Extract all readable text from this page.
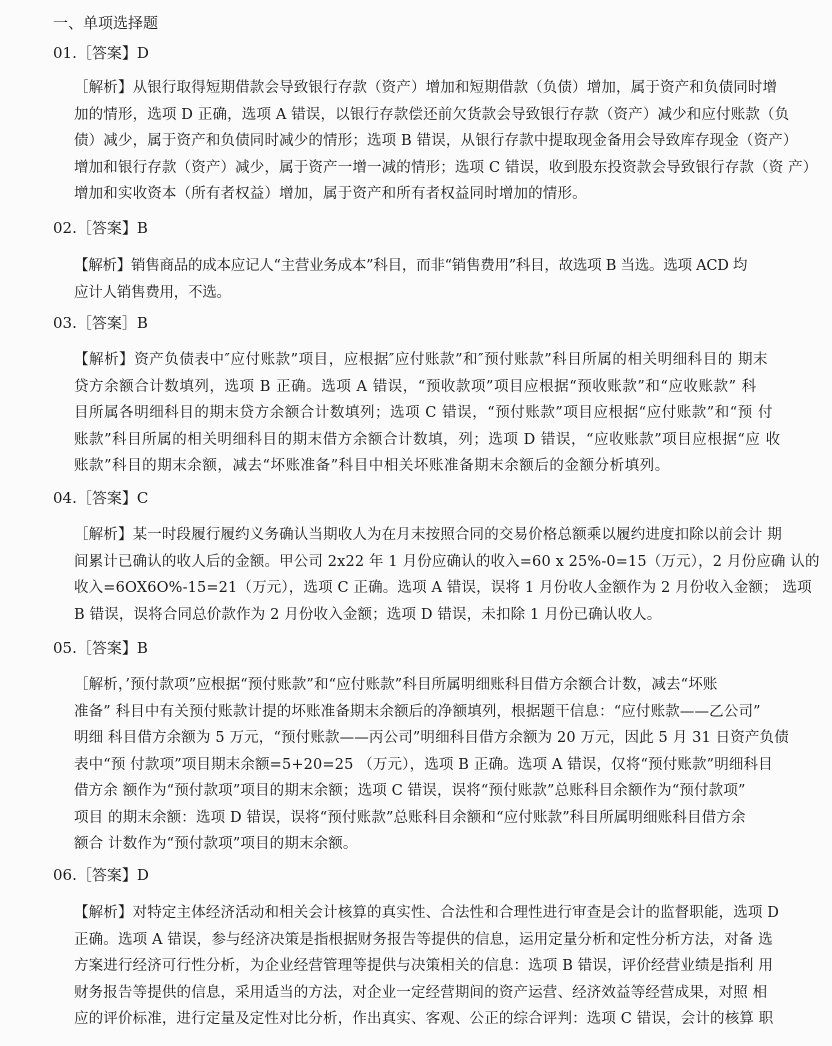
一、单项选择题
01.［答案】D
［解析】从银行取得短期借款会导致银行存款（资产）增加和短期借款（负债）增加，属于资产和负债同时增
加的情形，选项 D 正确，选项 A 错误，以银行存款偿还前欠货款会导致银行存款（资产）减少和应付账款（负
债）减少，属于资产和负债同时减少的情形；选项 B 错误，从银行存款中提取现金备用会导致库存现金（资产）
增加和银行存款（资产）减少，属于资产一增一减的情形；选项 C 错误，收到股东投资款会导致银行存款（资 产）
增加和实收资本（所有者权益）增加，属于资产和所有者权益同时增加的情形。
02.［答案】B
【解析】销售商品的成本应记人“主营业务成本”科目，而非“销售费用”科目，故选项 B 当选。选项 ACD 均
应计人销售费用，不选。
03.［答案］B
【解析】资产负债表中″应付账款”项目，应根据″应付账款”和″预付账款”科目所属的相关明细科目的 期末
贷方余额合计数填列，选项 B 正确。选项 A 错误，“预收款项”项目应根据“预收账款”和“应收账款” 科
目所属各明细科目的期末贷方余额合计数填列；选项 C 错误，“预付账款”项目应根据“应付账款”和“预 付
账款”科目所属的相关明细科目的期末借方余额合计数填，列；选项 D 错误，“应收账款”项目应根据“应 收
账款”科目的期末余额，减去“坏账准备”科目中相关坏账准备期末余额后的金额分析填列。
04.［答案】C
［解析】某一时段履行履约义务确认当期收人为在月末按照合同的交易价格总额乘以履约进度扣除以前会计 期
间累计已确认的收人后的金额。甲公司 2x22 年 1 月份应确认的收入=60 x 25%-0=15（万元），2 月份应确 认的
收入=6OX6O%-15=21（万元），选项 C 正确。选项 A 错误，误将 1 月份收人金额作为 2 月份收入金额； 选项
B 错误，误将合同总价款作为 2 月份收入金额；选项 D 错误，未扣除 1 月份已确认收人。
05.［答案】B
［解析，’预付款项”应根据“预付账款”和“应付账款”科目所属明细账科目借方余额合计数，减去“坏账
准备” 科目中有关预付账款计提的坏账准备期末余额后的净额填列，根据题干信息：“应付账款——乙公司”
明细 科目借方余额为 5 万元，“预付账款——丙公司”明细科目借方余额为 20 万元，因此 5 月 31 日资产负债
表中“预 付款项”项目期末余额=5+20=25 （万元），选项 B 正确。选项 A 错误，仅将“预付账款”明细科目
借方余 额作为“预付款项”项目的期末余额；选项 C 错误，误将“预付账款”总账科目余额作为“预付款项”
项目 的期末余额：选项 D 错误，误将“预付账款”总账科目余额和“应付账款”科目所属明细账科目借方余
额合 计数作为“预付款项”项目的期末余额。
06.［答案】D
【解析】对特定主体经济活动和相关会计核算的真实性、合法性和合理性进行审查是会计的监督职能，选项 D
正确。选项 A 错误，参与经济决策是指根据财务报告等提供的信息，运用定量分析和定性分析方法，对备 选
方案进行经济可行性分析，为企业经营管理等提供与决策相关的信息：选项 B 错误，评价经营业绩是指利 用
财务报告等提供的信息，采用适当的方法，对企业一定经营期间的资产运营、经济效益等经营成果，对照 相
应的评价标准，进行定量及定性对比分析，作出真实、客观、公正的综合评判：选项 C 错误，会计的核算 职
